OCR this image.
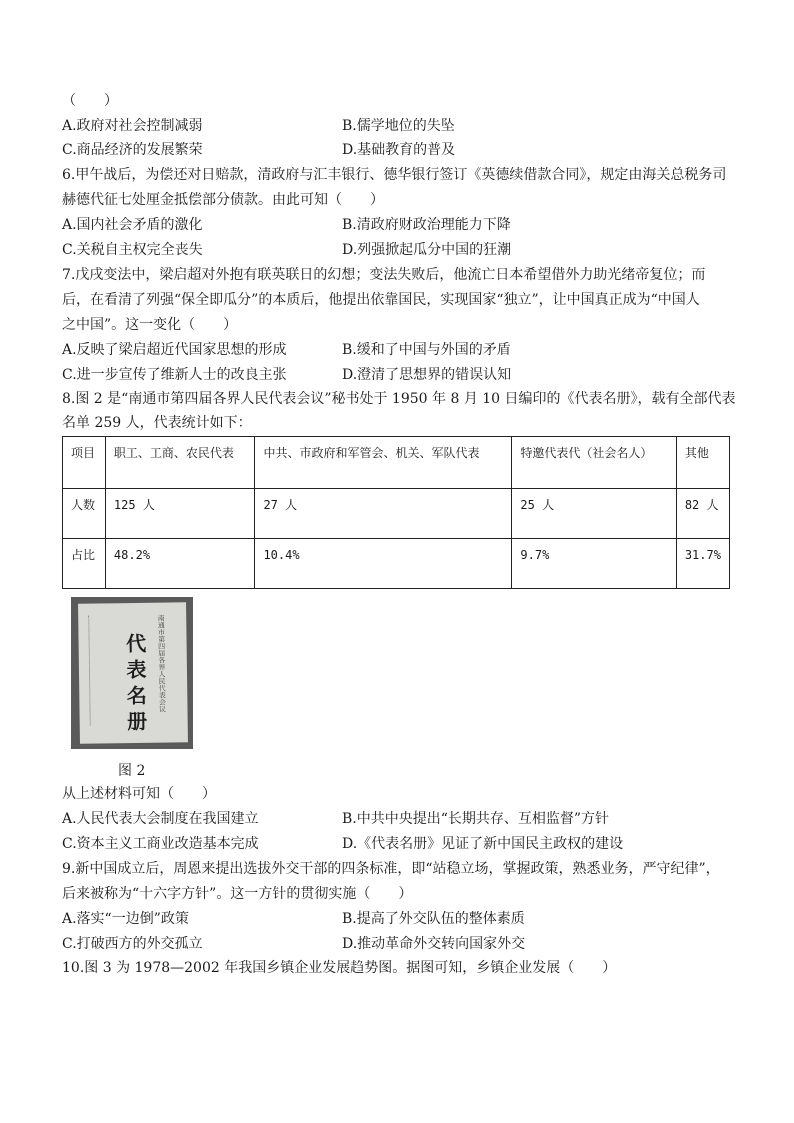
（　　）
A.政府对社会控制减弱	B.儒学地位的失坠
C.商品经济的发展繁荣	D.基础教育的普及
6.甲午战后，为偿还对日赔款，清政府与汇丰银行、德华银行签订《英德续借款合同》，规定由海关总税务司
赫德代征七处厘金抵偿部分债款。由此可知（　　）
A.国内社会矛盾的激化	B.清政府财政治理能力下降
C.关税自主权完全丧失	D.列强掀起瓜分中国的狂潮
7.戊戌变法中，梁启超对外抱有联英联日的幻想；变法失败后，他流亡日本希望借外力助光绪帝复位；而
后，在看清了列强“保全即瓜分”的本质后，他提出依靠国民，实现国家“独立”，让中国真正成为“中国人
之中国”。这一变化（　　）
A.反映了梁启超近代国家思想的形成	B.缓和了中国与外国的矛盾
C.进一步宣传了维新人士的改良主张	D.澄清了思想界的错误认知
8.图 2 是“南通市第四届各界人民代表会议”秘书处于 1950 年 8 月 10 日编印的《代表名册》，载有全部代表
名单 259 人，代表统计如下：
项目	职工、工商、农民代表	中共、市政府和军管会、机关、军队代表	特邀代表代（社会名人）	其他
人数	125 人	27 人	25 人	82 人
占比	48.2%	10.4%	9.7%	31.7%
南通市第四届各界人民代表会议
代表名册
图 2
从上述材料可知（　　）
A.人民代表大会制度在我国建立	B.中共中央提出“长期共存、互相监督”方针
C.资本主义工商业改造基本完成	D.《代表名册》见证了新中国民主政权的建设
9.新中国成立后，周恩来提出选拔外交干部的四条标准，即“站稳立场，掌握政策，熟悉业务，严守纪律”，
后来被称为“十六字方针”。这一方针的贯彻实施（　　）
A.落实“一边倒”政策	B.提高了外交队伍的整体素质
C.打破西方的外交孤立	D.推动革命外交转向国家外交
10.图 3 为 1978—2002 年我国乡镇企业发展趋势图。据图可知，乡镇企业发展（　　）
